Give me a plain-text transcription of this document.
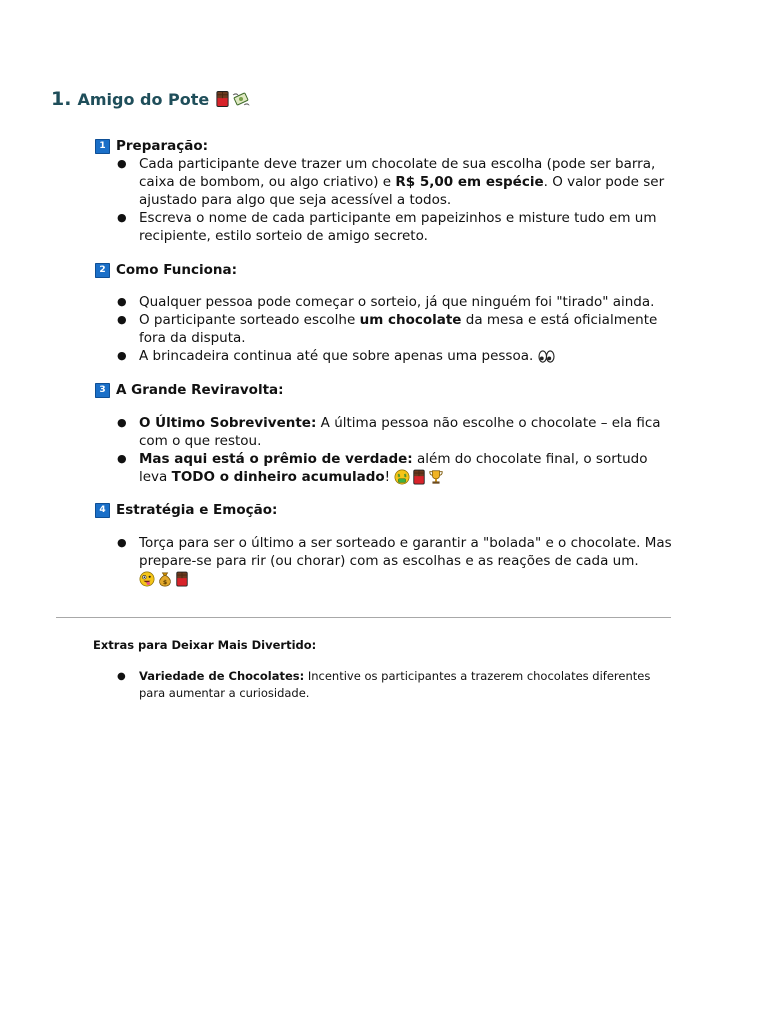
1. Amigo do Pote
1 Preparação:
● Cada participante deve trazer um chocolate de sua escolha (pode ser barra, caixa de bombom, ou algo criativo) e R$ 5,00 em espécie. O valor pode ser ajustado para algo que seja acessível a todos.
● Escreva o nome de cada participante em papeizinhos e misture tudo em um recipiente, estilo sorteio de amigo secreto.
2 Como Funciona:
● Qualquer pessoa pode começar o sorteio, já que ninguém foi "tirado" ainda.
● O participante sorteado escolhe um chocolate da mesa e está oficialmente fora da disputa.
● A brincadeira continua até que sobre apenas uma pessoa.
3 A Grande Reviravolta:
● O Último Sobrevivente: A última pessoa não escolhe o chocolate – ela fica com o que restou.
● Mas aqui está o prêmio de verdade: além do chocolate final, o sortudo leva TODO o dinheiro acumulado!
4 Estratégia e Emoção:
● Torça para ser o último a ser sorteado e garantir a "bolada" e o chocolate. Mas prepare-se para rir (ou chorar) com as escolhas e as reações de cada um.

Extras para Deixar Mais Divertido:
● Variedade de Chocolates: Incentive os participantes a trazerem chocolates diferentes para aumentar a curiosidade.
